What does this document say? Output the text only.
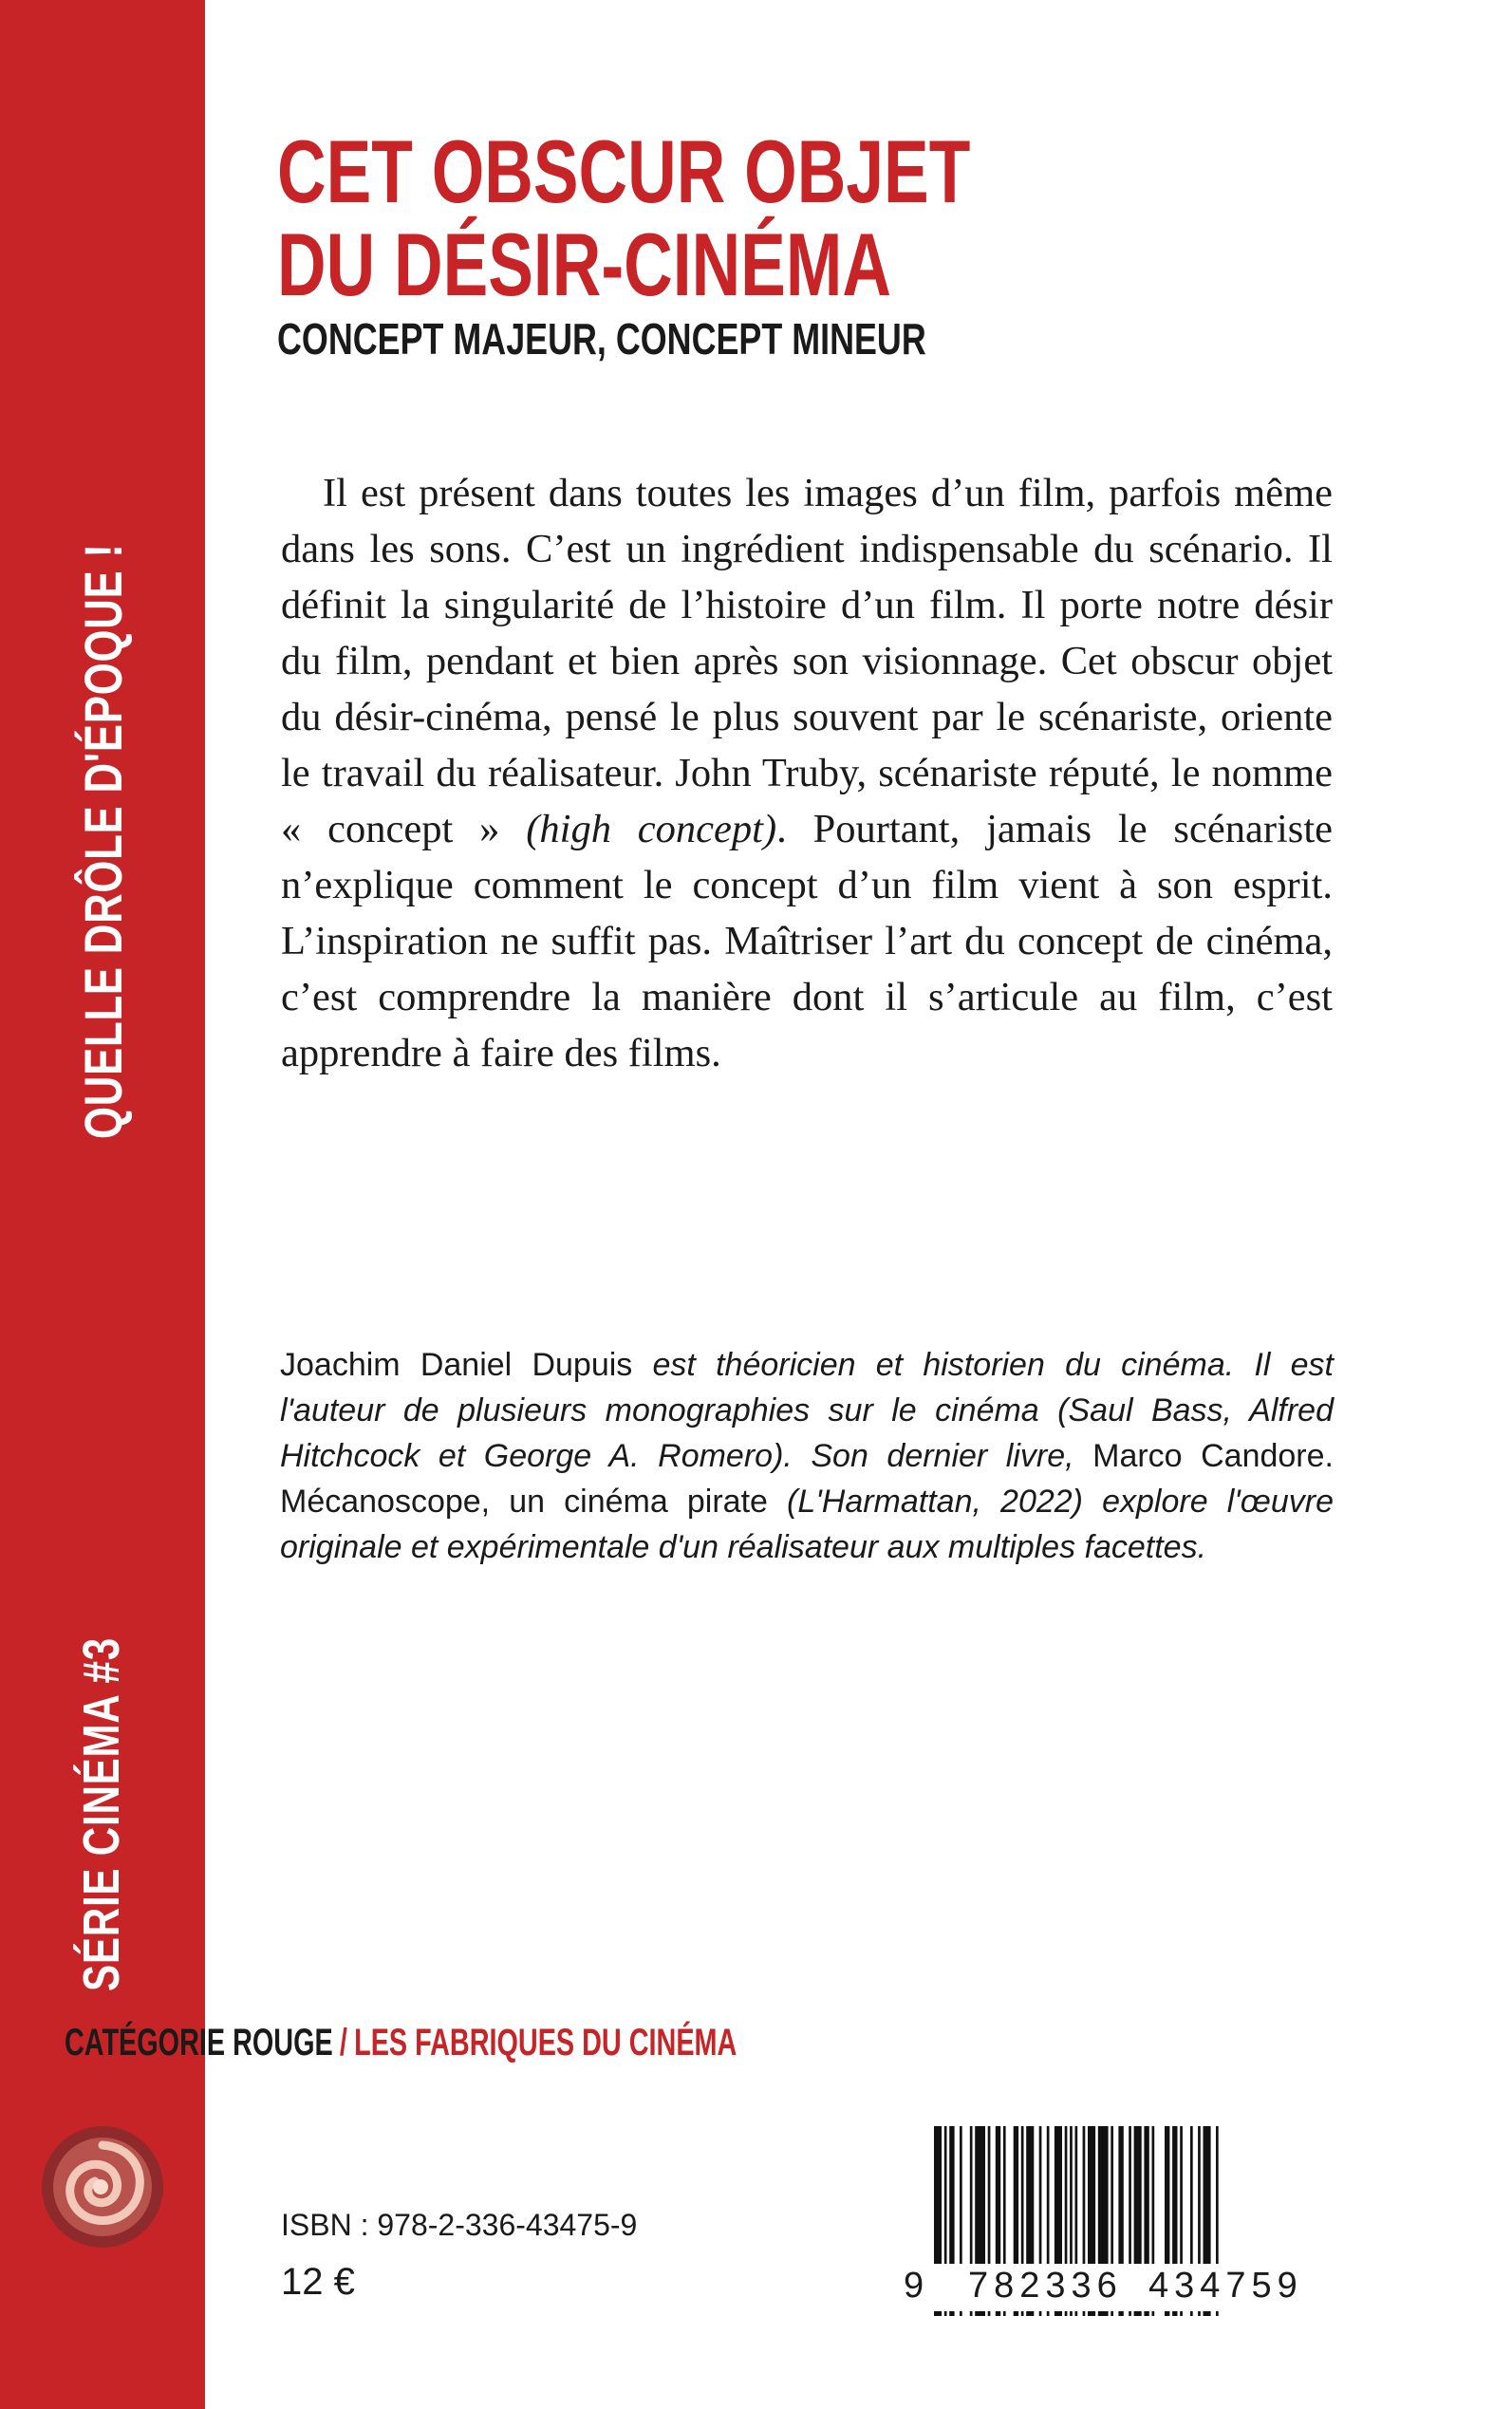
QUELLE DRÔLE D'ÉPOQUE !
SÉRIE CINÉMA #3
CET OBSCUR OBJET
DU DÉSIR-CINÉMA
CONCEPT MAJEUR, CONCEPT MINEUR

Il est présent dans toutes les images d’un film, parfois même dans les sons. C’est un ingrédient indispensable du scénario. Il définit la singularité de l’histoire d’un film. Il porte notre désir du film, pendant et bien après son visionnage. Cet obscur objet du désir-cinéma, pensé le plus souvent par le scénariste, oriente le travail du réalisateur. John Truby, scénariste réputé, le nomme « concept » (high concept). Pourtant, jamais le scénariste n’explique comment le concept d’un film vient à son esprit. L’inspiration ne suffit pas. Maîtriser l’art du concept de cinéma, c’est comprendre la manière dont il s’articule au film, c’est apprendre à faire des films.

Joachim Daniel Dupuis est théoricien et historien du cinéma. Il est l'auteur de plusieurs monographies sur le cinéma (Saul Bass, Alfred Hitchcock et George A. Romero). Son dernier livre, Marco Candore. Mécanoscope, un cinéma pirate (L'Harmattan, 2022) explore l'œuvre originale et expérimentale d'un réalisateur aux multiples facettes.

CATÉGORIE ROUGE / LES FABRIQUES DU CINÉMA
ISBN : 978-2-336-43475-9
12 €	9 782336 434759
